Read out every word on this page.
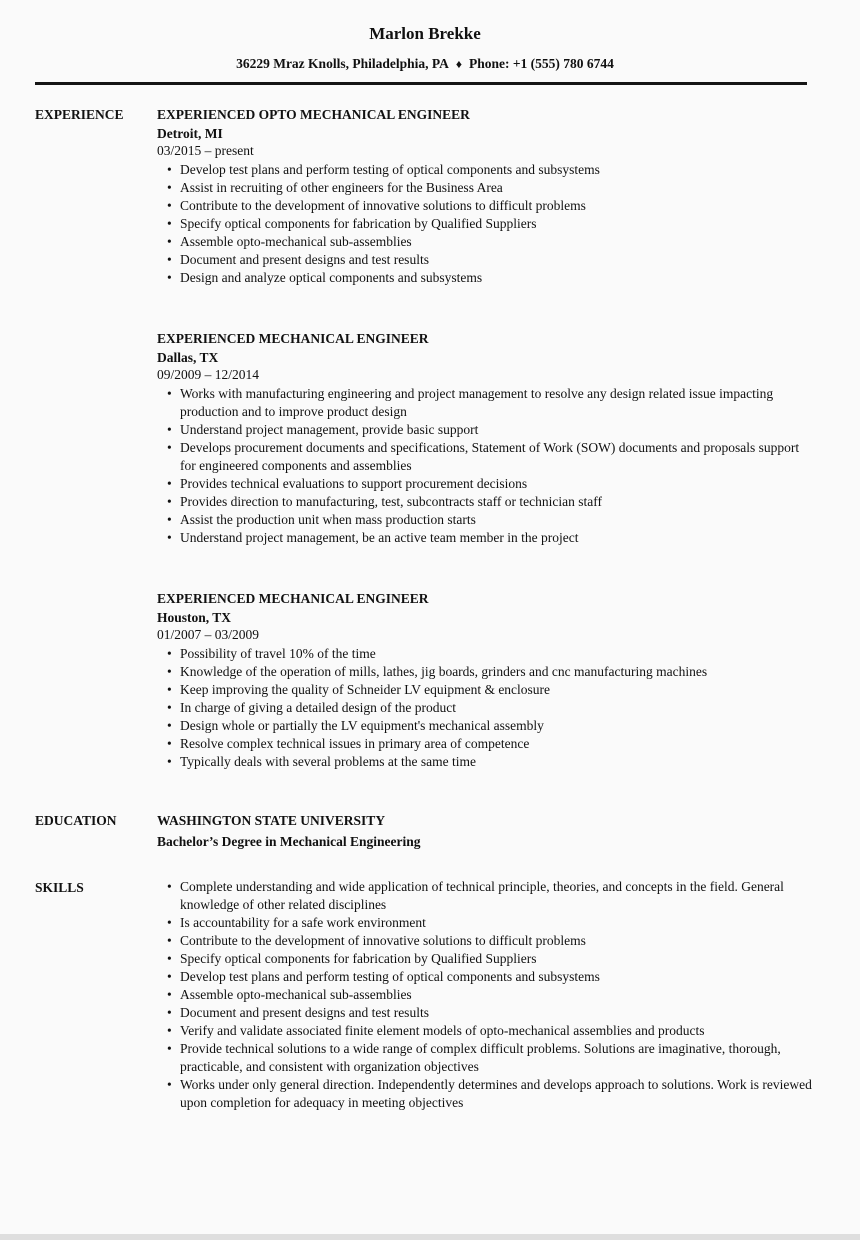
Marlon Brekke
36229 Mraz Knolls, Philadelphia, PA ♦ Phone: +1 (555) 780 6744
EXPERIENCE	EXPERIENCED OPTO MECHANICAL ENGINEER
Detroit, MI
03/2015 – present
• Develop test plans and perform testing of optical components and subsystems
• Assist in recruiting of other engineers for the Business Area
• Contribute to the development of innovative solutions to difficult problems
• Specify optical components for fabrication by Qualified Suppliers
• Assemble opto-mechanical sub-assemblies
• Document and present designs and test results
• Design and analyze optical components and subsystems
EXPERIENCED MECHANICAL ENGINEER
Dallas, TX
09/2009 – 12/2014
• Works with manufacturing engineering and project management to resolve any design related issue impacting production and to improve product design
• Understand project management, provide basic support
• Develops procurement documents and specifications, Statement of Work (SOW) documents and proposals support for engineered components and assemblies
• Provides technical evaluations to support procurement decisions
• Provides direction to manufacturing, test, subcontracts staff or technician staff
• Assist the production unit when mass production starts
• Understand project management, be an active team member in the project
EXPERIENCED MECHANICAL ENGINEER
Houston, TX
01/2007 – 03/2009
• Possibility of travel 10% of the time
• Knowledge of the operation of mills, lathes, jig boards, grinders and cnc manufacturing machines
• Keep improving the quality of Schneider LV equipment & enclosure
• In charge of giving a detailed design of the product
• Design whole or partially the LV equipment's mechanical assembly
• Resolve complex technical issues in primary area of competence
• Typically deals with several problems at the same time
EDUCATION	WASHINGTON STATE UNIVERSITY
Bachelor’s Degree in Mechanical Engineering
SKILLS	• Complete understanding and wide application of technical principle, theories, and concepts in the field. General knowledge of other related disciplines
• Is accountability for a safe work environment
• Contribute to the development of innovative solutions to difficult problems
• Specify optical components for fabrication by Qualified Suppliers
• Develop test plans and perform testing of optical components and subsystems
• Assemble opto-mechanical sub-assemblies
• Document and present designs and test results
• Verify and validate associated finite element models of opto-mechanical assemblies and products
• Provide technical solutions to a wide range of complex difficult problems. Solutions are imaginative, thorough, practicable, and consistent with organization objectives
• Works under only general direction. Independently determines and develops approach to solutions. Work is reviewed upon completion for adequacy in meeting objectives
